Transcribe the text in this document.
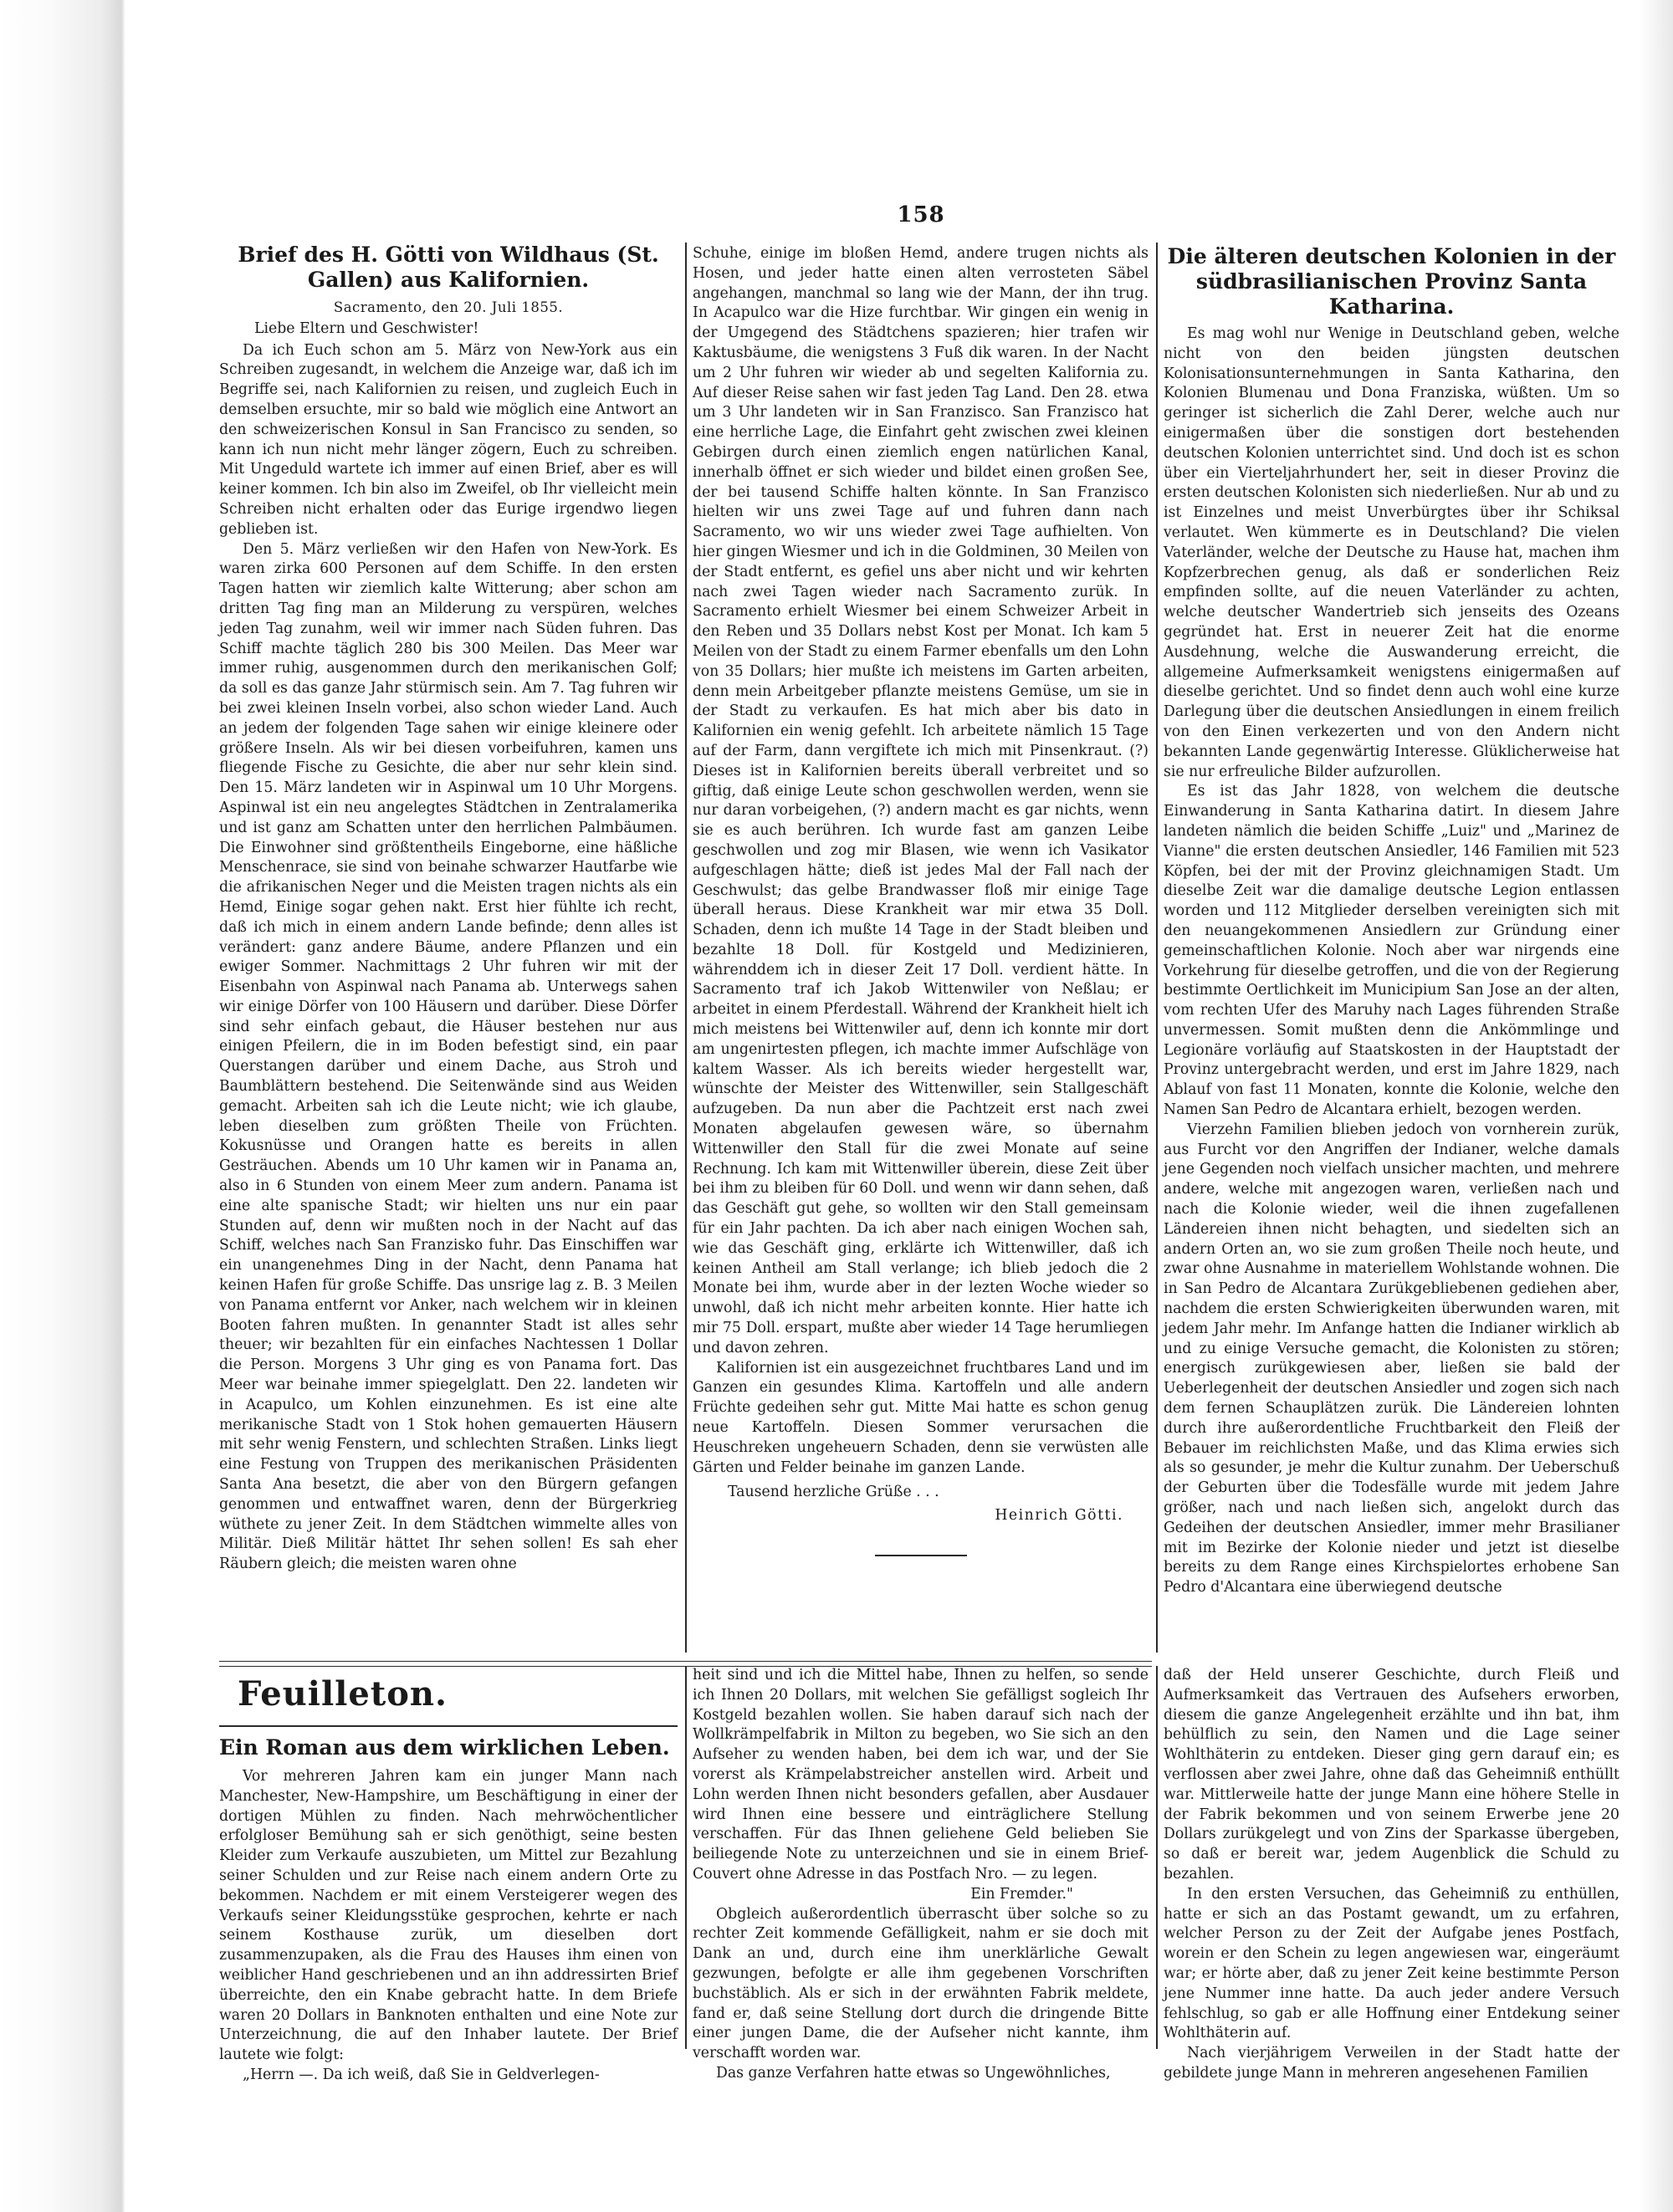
158
Brief des H. Götti von Wildhaus (St. Gallen) aus Kalifornien.
Sacramento, den 20. Juli 1855.
Liebe Eltern und Geschwister!

Da ich Euch schon am 5. März von New-York aus ein Schreiben zugesandt, in welchem die Anzeige war, daß ich im Begriffe sei, nach Kalifornien zu reisen, und zugleich Euch in demselben ersuchte, mir so bald wie möglich eine Antwort an den schweizerischen Konsul in San Francisco zu senden, so kann ich nun nicht mehr länger zögern, Euch zu schreiben. Mit Ungeduld wartete ich immer auf einen Brief, aber es will keiner kommen. Ich bin also im Zweifel, ob Ihr vielleicht mein Schreiben nicht erhalten oder das Eurige irgendwo liegen geblieben ist.

Den 5. März verließen wir den Hafen von New-York. Es waren zirka 600 Personen auf dem Schiffe. In den ersten Tagen hatten wir ziemlich kalte Witterung; aber schon am dritten Tag fing man an Milderung zu verspüren, welches jeden Tag zunahm, weil wir immer nach Süden fuhren. Das Schiff machte täglich 280 bis 300 Meilen. Das Meer war immer ruhig, ausgenommen durch den merikanischen Golf; da soll es das ganze Jahr stürmisch sein. Am 7. Tag fuhren wir bei zwei kleinen Inseln vorbei, also schon wieder Land. Auch an jedem der folgenden Tage sahen wir einige kleinere oder größere Inseln. Als wir bei diesen vorbeifuhren, kamen uns fliegende Fische zu Gesichte, die aber nur sehr klein sind. Den 15. März landeten wir in Aspinwal um 10 Uhr Morgens. Aspinwal ist ein neu angelegtes Städtchen in Zentralamerika und ist ganz am Schatten unter den herrlichen Palmbäumen. Die Einwohner sind größtentheils Eingeborne, eine häßliche Menschenrace, sie sind von beinahe schwarzer Hautfarbe wie die afrikanischen Neger und die Meisten tragen nichts als ein Hemd, Einige sogar gehen nakt. Erst hier fühlte ich recht, daß ich mich in einem andern Lande befinde; denn alles ist verändert: ganz andere Bäume, andere Pflanzen und ein ewiger Sommer. Nachmittags 2 Uhr fuhren wir mit der Eisenbahn von Aspinwal nach Panama ab. Unterwegs sahen wir einige Dörfer von 100 Häusern und darüber. Diese Dörfer sind sehr einfach gebaut, die Häuser bestehen nur aus einigen Pfeilern, die in im Boden befestigt sind, ein paar Querstangen darüber und einem Dache, aus Stroh und Baumblättern bestehend. Die Seitenwände sind aus Weiden gemacht. Arbeiten sah ich die Leute nicht; wie ich glaube, leben dieselben zum größten Theile von Früchten. Kokusnüsse und Orangen hatte es bereits in allen Gesträuchen. Abends um 10 Uhr kamen wir in Panama an, also in 6 Stunden von einem Meer zum andern. Panama ist eine alte spanische Stadt; wir hielten uns nur ein paar Stunden auf, denn wir mußten noch in der Nacht auf das Schiff, welches nach San Franzisko fuhr. Das Einschiffen war ein unangenehmes Ding in der Nacht, denn Panama hat keinen Hafen für große Schiffe. Das unsrige lag z. B. 3 Meilen von Panama entfernt vor Anker, nach welchem wir in kleinen Booten fahren mußten. In genannter Stadt ist alles sehr theuer; wir bezahlten für ein einfaches Nachtessen 1 Dollar die Person. Morgens 3 Uhr ging es von Panama fort. Das Meer war beinahe immer spiegelglatt. Den 22. landeten wir in Acapulco, um Kohlen einzunehmen. Es ist eine alte merikanische Stadt von 1 Stok hohen gemauerten Häusern mit sehr wenig Fenstern, und schlechten Straßen. Links liegt eine Festung von Truppen des merikanischen Präsidenten Santa Ana besetzt, die aber von den Bürgern gefangen genommen und entwaffnet waren, denn der Bürgerkrieg wüthete zu jener Zeit. In dem Städtchen wimmelte alles von Militär. Dieß Militär hättet Ihr sehen sollen! Es sah eher Räubern gleich; die meisten waren ohne

Schuhe, einige im bloßen Hemd, andere trugen nichts als Hosen, und jeder hatte einen alten verrosteten Säbel angehangen, manchmal so lang wie der Mann, der ihn trug. In Acapulco war die Hize furchtbar. Wir gingen ein wenig in der Umgegend des Städtchens spazieren; hier trafen wir Kaktusbäume, die wenigstens 3 Fuß dik waren. In der Nacht um 2 Uhr fuhren wir wieder ab und segelten Kalifornia zu. Auf dieser Reise sahen wir fast jeden Tag Land. Den 28. etwa um 3 Uhr landeten wir in San Franzisco. San Franzisco hat eine herrliche Lage, die Einfahrt geht zwischen zwei kleinen Gebirgen durch einen ziemlich engen natürlichen Kanal, innerhalb öffnet er sich wieder und bildet einen großen See, der bei tausend Schiffe halten könnte. In San Franzisco hielten wir uns zwei Tage auf und fuhren dann nach Sacramento, wo wir uns wieder zwei Tage aufhielten. Von hier gingen Wiesmer und ich in die Goldminen, 30 Meilen von der Stadt entfernt, es gefiel uns aber nicht und wir kehrten nach zwei Tagen wieder nach Sacramento zurük. In Sacramento erhielt Wiesmer bei einem Schweizer Arbeit in den Reben und 35 Dollars nebst Kost per Monat. Ich kam 5 Meilen von der Stadt zu einem Farmer ebenfalls um den Lohn von 35 Dollars; hier mußte ich meistens im Garten arbeiten, denn mein Arbeitgeber pflanzte meistens Gemüse, um sie in der Stadt zu verkaufen. Es hat mich aber bis dato in Kalifornien ein wenig gefehlt. Ich arbeitete nämlich 15 Tage auf der Farm, dann vergiftete ich mich mit Pinsenkraut. (?) Dieses ist in Kalifornien bereits überall verbreitet und so giftig, daß einige Leute schon geschwollen werden, wenn sie nur daran vorbeigehen, (?) andern macht es gar nichts, wenn sie es auch berühren. Ich wurde fast am ganzen Leibe geschwollen und zog mir Blasen, wie wenn ich Vasikator aufgeschlagen hätte; dieß ist jedes Mal der Fall nach der Geschwulst; das gelbe Brandwasser floß mir einige Tage überall heraus. Diese Krankheit war mir etwa 35 Doll. Schaden, denn ich mußte 14 Tage in der Stadt bleiben und bezahlte 18 Doll. für Kostgeld und Medizinieren, währenddem ich in dieser Zeit 17 Doll. verdient hätte. In Sacramento traf ich Jakob Wittenwiler von Neßlau; er arbeitet in einem Pferdestall. Während der Krankheit hielt ich mich meistens bei Wittenwiler auf, denn ich konnte mir dort am ungenirtesten pflegen, ich machte immer Aufschläge von kaltem Wasser. Als ich bereits wieder hergestellt war, wünschte der Meister des Wittenwiller, sein Stallgeschäft aufzugeben. Da nun aber die Pachtzeit erst nach zwei Monaten abgelaufen gewesen wäre, so übernahm Wittenwiller den Stall für die zwei Monate auf seine Rechnung. Ich kam mit Wittenwiller überein, diese Zeit über bei ihm zu bleiben für 60 Doll. und wenn wir dann sehen, daß das Geschäft gut gehe, so wollten wir den Stall gemeinsam für ein Jahr pachten. Da ich aber nach einigen Wochen sah, wie das Geschäft ging, erklärte ich Wittenwiller, daß ich keinen Antheil am Stall verlange; ich blieb jedoch die 2 Monate bei ihm, wurde aber in der lezten Woche wieder so unwohl, daß ich nicht mehr arbeiten konnte. Hier hatte ich mir 75 Doll. erspart, mußte aber wieder 14 Tage herumliegen und davon zehren.

Kalifornien ist ein ausgezeichnet fruchtbares Land und im Ganzen ein gesundes Klima. Kartoffeln und alle andern Früchte gedeihen sehr gut. Mitte Mai hatte es schon genug neue Kartoffeln. Diesen Sommer verursachen die Heuschreken ungeheuern Schaden, denn sie verwüsten alle Gärten und Felder beinahe im ganzen Lande.

Tausend herzliche Grüße . . .
Heinrich Götti.
Die älteren deutschen Kolonien in der südbrasilianischen Provinz Santa Katharina.

Es mag wohl nur Wenige in Deutschland geben, welche nicht von den beiden jüngsten deutschen Kolonisationsunternehmungen in Santa Katharina, den Kolonien Blumenau und Dona Franziska, wüßten. Um so geringer ist sicherlich die Zahl Derer, welche auch nur einigermaßen über die sonstigen dort bestehenden deutschen Kolonien unterrichtet sind. Und doch ist es schon über ein Vierteljahrhundert her, seit in dieser Provinz die ersten deutschen Kolonisten sich niederließen. Nur ab und zu ist Einzelnes und meist Unverbürgtes über ihr Schiksal verlautet. Wen kümmerte es in Deutschland? Die vielen Vaterländer, welche der Deutsche zu Hause hat, machen ihm Kopfzerbrechen genug, als daß er sonderlichen Reiz empfinden sollte, auf die neuen Vaterländer zu achten, welche deutscher Wandertrieb sich jenseits des Ozeans gegründet hat. Erst in neuerer Zeit hat die enorme Ausdehnung, welche die Auswanderung erreicht, die allgemeine Aufmerksamkeit wenigstens einigermaßen auf dieselbe gerichtet. Und so findet denn auch wohl eine kurze Darlegung über die deutschen Ansiedlungen in einem freilich von den Einen verkezerten und von den Andern nicht bekannten Lande gegenwärtig Interesse. Glüklicherweise hat sie nur erfreuliche Bilder aufzurollen.

Es ist das Jahr 1828, von welchem die deutsche Einwanderung in Santa Katharina datirt. In diesem Jahre landeten nämlich die beiden Schiffe „Luiz" und „Marinez de Vianne" die ersten deutschen Ansiedler, 146 Familien mit 523 Köpfen, bei der mit der Provinz gleichnamigen Stadt. Um dieselbe Zeit war die damalige deutsche Legion entlassen worden und 112 Mitglieder derselben vereinigten sich mit den neuangekommenen Ansiedlern zur Gründung einer gemeinschaftlichen Kolonie. Noch aber war nirgends eine Vorkehrung für dieselbe getroffen, und die von der Regierung bestimmte Oertlichkeit im Municipium San Jose an der alten, vom rechten Ufer des Maruhy nach Lages führenden Straße unvermessen. Somit mußten denn die Ankömmlinge und Legionäre vorläufig auf Staatskosten in der Hauptstadt der Provinz untergebracht werden, und erst im Jahre 1829, nach Ablauf von fast 11 Monaten, konnte die Kolonie, welche den Namen San Pedro de Alcantara erhielt, bezogen werden.

Vierzehn Familien blieben jedoch von vornherein zurük, aus Furcht vor den Angriffen der Indianer, welche damals jene Gegenden noch vielfach unsicher machten, und mehrere andere, welche mit angezogen waren, verließen nach und nach die Kolonie wieder, weil die ihnen zugefallenen Ländereien ihnen nicht behagten, und siedelten sich an andern Orten an, wo sie zum großen Theile noch heute, und zwar ohne Ausnahme in materiellem Wohlstande wohnen. Die in San Pedro de Alcantara Zurükgebliebenen gediehen aber, nachdem die ersten Schwierigkeiten überwunden waren, mit jedem Jahr mehr. Im Anfange hatten die Indianer wirklich ab und zu einige Versuche gemacht, die Kolonisten zu stören; energisch zurükgewiesen aber, ließen sie bald der Ueberlegenheit der deutschen Ansiedler und zogen sich nach dem fernen Schauplätzen zurük. Die Ländereien lohnten durch ihre außerordentliche Fruchtbarkeit den Fleiß der Bebauer im reichlichsten Maße, und das Klima erwies sich als so gesunder, je mehr die Kultur zunahm. Der Ueberschuß der Geburten über die Todesfälle wurde mit jedem Jahre größer, nach und nach ließen sich, angelokt durch das Gedeihen der deutschen Ansiedler, immer mehr Brasilianer mit im Bezirke der Kolonie nieder und jetzt ist dieselbe bereits zu dem Range eines Kirchspielortes erhobene San Pedro d'Alcantara eine überwiegend deutsche

Feuilleton.
Ein Roman aus dem wirklichen Leben.

Vor mehreren Jahren kam ein junger Mann nach Manchester, New-Hampshire, um Beschäftigung in einer der dortigen Mühlen zu finden. Nach mehrwöchentlicher erfolgloser Bemühung sah er sich genöthigt, seine besten Kleider zum Verkaufe auszubieten, um Mittel zur Bezahlung seiner Schulden und zur Reise nach einem andern Orte zu bekommen. Nachdem er mit einem Versteigerer wegen des Verkaufs seiner Kleidungsstüke gesprochen, kehrte er nach seinem Kosthause zurük, um dieselben dort zusammenzupaken, als die Frau des Hauses ihm einen von weiblicher Hand geschriebenen und an ihn addressirten Brief überreichte, den ein Knabe gebracht hatte. In dem Briefe waren 20 Dollars in Banknoten enthalten und eine Note zur Unterzeichnung, die auf den Inhaber lautete. Der Brief lautete wie folgt:

„Herrn —. Da ich weiß, daß Sie in Geldverlegen-

heit sind und ich die Mittel habe, Ihnen zu helfen, so sende ich Ihnen 20 Dollars, mit welchen Sie gefälligst sogleich Ihr Kostgeld bezahlen wollen. Sie haben darauf sich nach der Wollkrämpelfabrik in Milton zu begeben, wo Sie sich an den Aufseher zu wenden haben, bei dem ich war, und der Sie vorerst als Krämpelabstreicher anstellen wird. Arbeit und Lohn werden Ihnen nicht besonders gefallen, aber Ausdauer wird Ihnen eine bessere und einträglichere Stellung verschaffen. Für das Ihnen geliehene Geld belieben Sie beiliegende Note zu unterzeichnen und sie in einem Brief-Couvert ohne Adresse in das Postfach Nro. — zu legen.

Ein Fremder."

Obgleich außerordentlich überrascht über solche so zu rechter Zeit kommende Gefälligkeit, nahm er sie doch mit Dank an und, durch eine ihm unerklärliche Gewalt gezwungen, befolgte er alle ihm gegebenen Vorschriften buchstäblich. Als er sich in der erwähnten Fabrik meldete, fand er, daß seine Stellung dort durch die dringende Bitte einer jungen Dame, die der Aufseher nicht kannte, ihm verschafft worden war.

Das ganze Verfahren hatte etwas so Ungewöhnliches,

daß der Held unserer Geschichte, durch Fleiß und Aufmerksamkeit das Vertrauen des Aufsehers erworben, diesem die ganze Angelegenheit erzählte und ihn bat, ihm behülflich zu sein, den Namen und die Lage seiner Wohlthäterin zu entdeken. Dieser ging gern darauf ein; es verflossen aber zwei Jahre, ohne daß das Geheimniß enthüllt war. Mittlerweile hatte der junge Mann eine höhere Stelle in der Fabrik bekommen und von seinem Erwerbe jene 20 Dollars zurükgelegt und von Zins der Sparkasse übergeben, so daß er bereit war, jedem Augenblick die Schuld zu bezahlen.

In den ersten Versuchen, das Geheimniß zu enthüllen, hatte er sich an das Postamt gewandt, um zu erfahren, welcher Person zu der Zeit der Aufgabe jenes Postfach, worein er den Schein zu legen angewiesen war, eingeräumt war; er hörte aber, daß zu jener Zeit keine bestimmte Person jene Nummer inne hatte. Da auch jeder andere Versuch fehlschlug, so gab er alle Hoffnung einer Entdekung seiner Wohlthäterin auf.

Nach vierjährigem Verweilen in der Stadt hatte der gebildete junge Mann in mehreren angesehenen Familien
